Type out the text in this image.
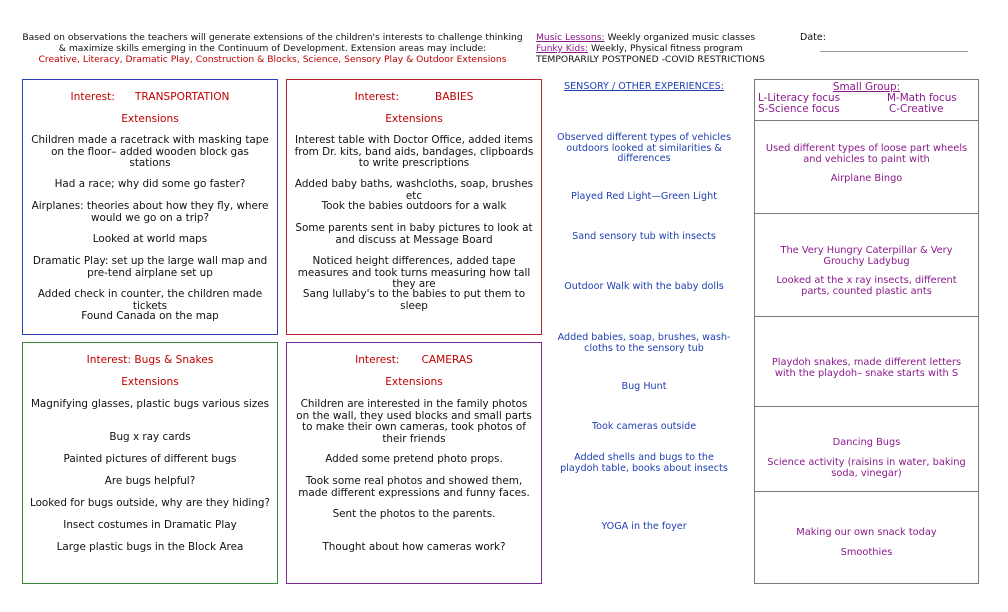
Based on observations the teachers will generate extensions of the children's interests to challenge thinking
& maximize skills emerging in the Continuum of Development. Extension areas may include:
Creative, Literacy, Dramatic Play, Construction & Blocks, Science, Sensory Play & Outdoor Extensions
Music Lessons: Weekly organized music classes
Funky Kids: Weekly, Physical fitness program
TEMPORARILY POSTPONED -COVID RESTRICTIONS
Date:
Interest: TRANSPORTATION
Extensions
Children made a racetrack with masking tape on the floor– added wooden block gas stations
Had a race; why did some go faster?
Airplanes: theories about how they fly, where would we go on a trip?
Looked at world maps
Dramatic Play: set up the large wall map and pre-tend airplane set up
Added check in counter, the children made tickets
Found Canada on the map
Interest:	BABIES
Extensions
Interest table with Doctor Office, added items from Dr. kits, band aids, bandages, clipboards to write prescriptions
Added baby baths, washcloths, soap, brushes etc
Took the babies outdoors for a walk
Some parents sent in baby pictures to look at and discuss at Message Board
Noticed height differences, added tape measures and took turns measuring how tall they are
Sang lullaby's to the babies to put them to sleep
Interest: Bugs & Snakes
Extensions
Magnifying glasses, plastic bugs various sizes
Bug x ray cards
Painted pictures of different bugs
Are bugs helpful?
Looked for bugs outside, why are they hiding?
Insect costumes in Dramatic Play
Large plastic bugs in the Block Area
Interest: CAMERAS
Extensions
Children are interested in the family photos on the wall, they used blocks and small parts to make their own cameras, took photos of their friends
Added some pretend photo props.
Took some real photos and showed them, made different expressions and funny faces.
Sent the photos to the parents.
Thought about how cameras work?
SENSORY / OTHER EXPERIENCES:
Observed different types of vehicles outdoors looked at similarities & differences
Played Red Light—Green Light
Sand sensory tub with insects
Outdoor Walk with the baby dolls
Added babies, soap, brushes, wash-cloths to the sensory tub
Bug Hunt
Took cameras outside
Added shells and bugs to the playdoh table, books about insects
YOGA in the foyer
Small Group:
L-Literacy focus	M-Math focus
S-Science focus	C-Creative
Used different types of loose part wheels and vehicles to paint with
Airplane Bingo
The Very Hungry Caterpillar & Very Grouchy Ladybug
Looked at the x ray insects, different parts, counted plastic ants
Playdoh snakes, made different letters with the playdoh– snake starts with S
Dancing Bugs
Science activity (raisins in water, baking soda, vinegar)
Making our own snack today
Smoothies
